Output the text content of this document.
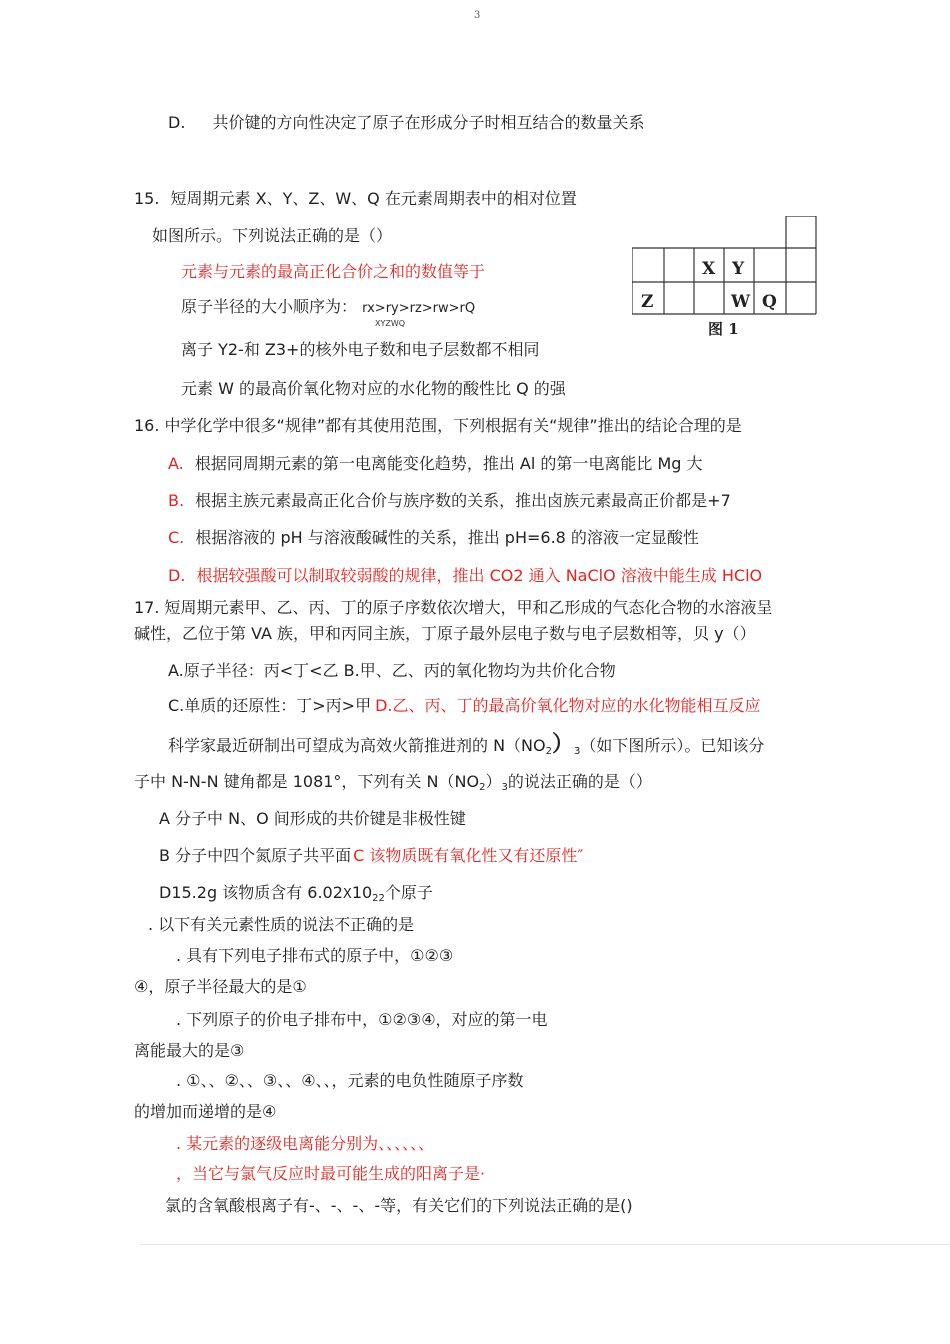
3
D. 共价键的方向性决定了原子在形成分子时相互结合的数量关系
15. 短周期元素 X、Y、Z、W、Q 在元素周期表中的相对位置
如图所示。下列说法正确的是（）
元素与元素的最高正化合价之和的数值等于
原子半径的大小顺序为： rx>ry>rz>rw>rQ
XYZWQ
离子 Y2-和 Z3+的核外电子数和电子层数都不相同
元素 W 的最高价氧化物对应的水化物的酸性比 Q 的强
X Y
Z	W Q
图 1
16. 中学化学中很多“规律”都有其使用范围，下列根据有关“规律”推出的结论合理的是
A. 根据同周期元素的第一电离能变化趋势，推出 Al 的第一电离能比 Mg 大
B. 根据主族元素最高正化合价与族序数的关系，推出卤族元素最高正价都是+7
C. 根据溶液的 pH 与溶液酸碱性的关系，推出 pH=6.8 的溶液一定显酸性
D. 根据较强酸可以制取较弱酸的规律，推出 CO2 通入 NaClO 溶液中能生成 HClO
17. 短周期元素甲、乙、丙、丁的原子序数依次增大，甲和乙形成的气态化合物的水溶液呈
碱性，乙位于第 VA 族，甲和丙同主族，丁原子最外层电子数与电子层数相等，贝 y（）
A.原子半径：丙<丁<乙 B.甲、乙、丙的氧化物均为共价化合物
C.单质的还原性：丁>丙>甲 D.乙、丙、丁的最高价氧化物对应的水化物能相互反应
科学家最近研制出可望成为高效火箭推进剂的 $N(NO_2)_3$（如下图所示）。已知该分
子中 N-N-N 键角都是 1081°，下列有关 $N(NO_2)_3$的说法正确的是（）
A 分子中 N、O 间形成的共价键是非极性键
B 分子中四个氮原子共平面 C 该物质既有氧化性又有还原性″
D15.2g 该物质含有 $6.02X10_{22}$个原子
. 以下有关元素性质的说法不正确的是
. 具有下列电子排布式的原子中，①②③
④，原子半径最大的是①
. 下列原子的价电子排布中，①②③④，对应的第一电
离能最大的是③
. ①、、②、、③、、④、、，元素的电负性随原子序数
的增加而递增的是④
. 某元素的逐级电离能分别为、、、、、、
，当它与氯气反应时最可能生成的阳离子是·
氯的含氧酸根离子有-、-、-、-等，有关它们的下列说法正确的是()
